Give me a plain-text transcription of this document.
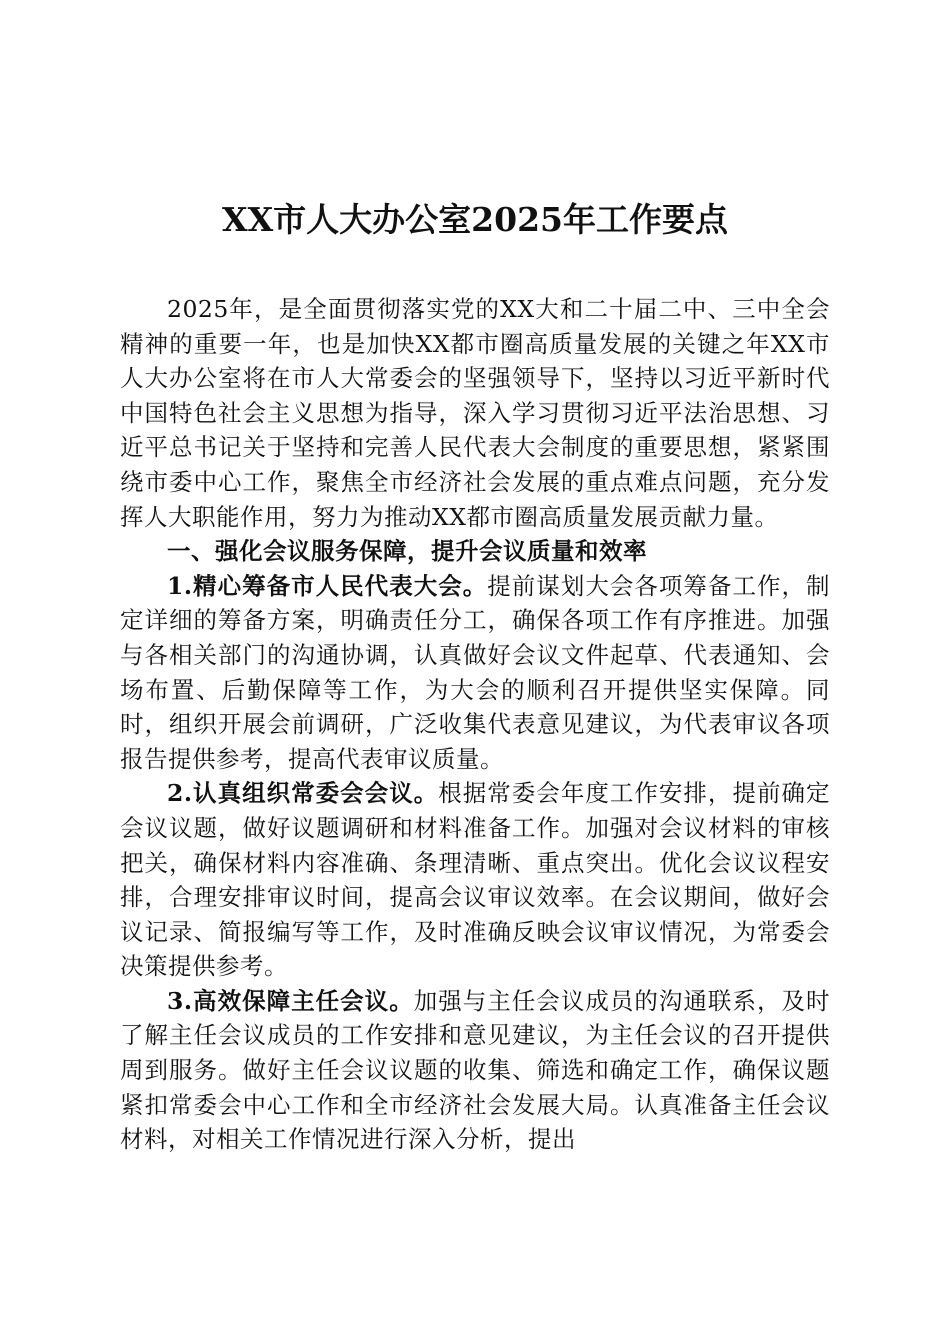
XX市人大办公室2025年工作要点

2025年，是全面贯彻落实党的XX大和二十届二中、三中全会精神的重要一年，也是加快XX都市圈高质量发展的关键之年XX市人大办公室将在市人大常委会的坚强领导下，坚持以习近平新时代中国特色社会主义思想为指导，深入学习贯彻习近平法治思想、习近平总书记关于坚持和完善人民代表大会制度的重要思想，紧紧围绕市委中心工作，聚焦全市经济社会发展的重点难点问题，充分发挥人大职能作用，努力为推动XX都市圈高质量发展贡献力量。

一、强化会议服务保障，提升会议质量和效率

1.精心筹备市人民代表大会。提前谋划大会各项筹备工作，制定详细的筹备方案，明确责任分工，确保各项工作有序推进。加强与各相关部门的沟通协调，认真做好会议文件起草、代表通知、会场布置、后勤保障等工作，为大会的顺利召开提供坚实保障。同时，组织开展会前调研，广泛收集代表意见建议，为代表审议各项报告提供参考，提高代表审议质量。

2.认真组织常委会会议。根据常委会年度工作安排，提前确定会议议题，做好议题调研和材料准备工作。加强对会议材料的审核把关，确保材料内容准确、条理清晰、重点突出。优化会议议程安排，合理安排审议时间，提高会议审议效率。在会议期间，做好会议记录、简报编写等工作，及时准确反映会议审议情况，为常委会决策提供参考。

3.高效保障主任会议。加强与主任会议成员的沟通联系，及时了解主任会议成员的工作安排和意见建议，为主任会议的召开提供周到服务。做好主任会议议题的收集、筛选和确定工作，确保议题紧扣常委会中心工作和全市经济社会发展大局。认真准备主任会议材料，对相关工作情况进行深入分析，提出
